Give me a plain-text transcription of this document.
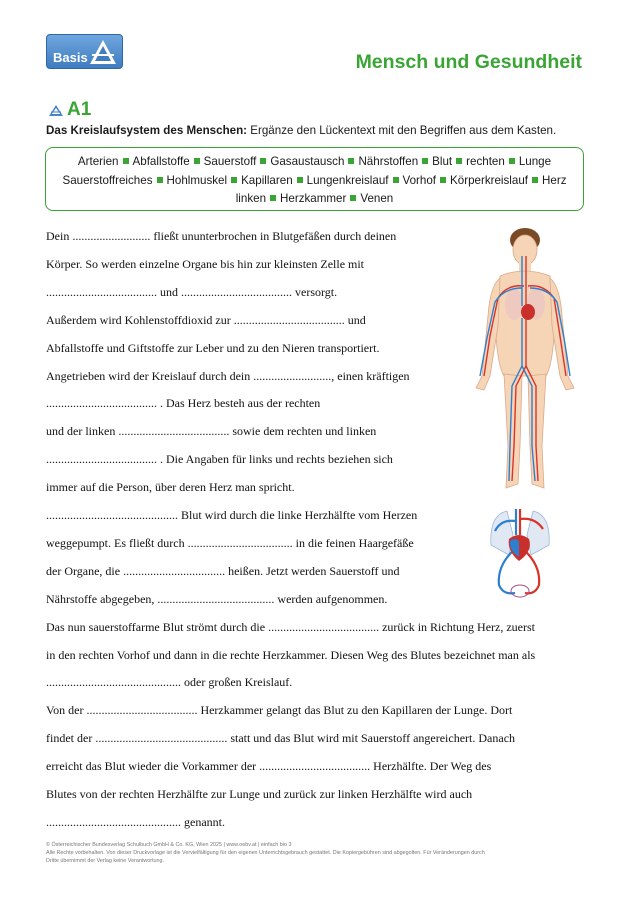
Basis	Mensch und Gesundheit
A1
Das Kreislaufsystem des Menschen: Ergänze den Lückentext mit den Begriffen aus dem Kasten.
Arterien Abfallstoffe Sauerstoff Gasaustausch Nährstoffen Blut rechten Lunge
Sauerstoffreiches Hohlmuskel Kapillaren Lungenkreislauf Vorhof Körperkreislauf Herz
linken Herzkammer Venen
Dein .......................... fließt ununterbrochen in Blutgefäßen durch deinen
Körper. So werden einzelne Organe bis hin zur kleinsten Zelle mit
..................................... und ..................................... versorgt.
Außerdem wird Kohlenstoffdioxid zur ..................................... und
Abfallstoffe und Giftstoffe zur Leber und zu den Nieren transportiert.
Angetrieben wird der Kreislauf durch dein .........................., einen kräftigen
..................................... . Das Herz besteh aus der rechten
und der linken ..................................... sowie dem rechten und linken
..................................... . Die Angaben für links und rechts beziehen sich
immer auf die Person, über deren Herz man spricht.
............................................ Blut wird durch die linke Herzhälfte vom Herzen
weggepumpt. Es fließt durch ................................... in die feinen Haargefäße
der Organe, die .................................. heißen. Jetzt werden Sauerstoff und
Nährstoffe abgegeben, ....................................... werden aufgenommen.
Das nun sauerstoffarme Blut strömt durch die ..................................... zurück in Richtung Herz, zuerst
in den rechten Vorhof und dann in die rechte Herzkammer. Diesen Weg des Blutes bezeichnet man als
............................................. oder großen Kreislauf.
Von der ..................................... Herzkammer gelangt das Blut zu den Kapillaren der Lunge. Dort
findet der ............................................ statt und das Blut wird mit Sauerstoff angereichert. Danach
erreicht das Blut wieder die Vorkammer der ..................................... Herzhälfte. Der Weg des
Blutes von der rechten Herzhälfte zur Lunge und zurück zur linken Herzhälfte wird auch
............................................. genannt.
© Österreichischer Bundesverlag Schulbuch GmbH & Co. KG, Wien 2025 | www.oebv.at | einfach bio 3
Alle Rechte vorbehalten. Von dieser Druckvorlage ist die Vervielfältigung für den eigenen Unterrichtsgebrauch gestattet. Die Kopiergebühren sind abgegolten. Für Veränderungen durch
Dritte übernimmt der Verlag keine Verantwortung.
